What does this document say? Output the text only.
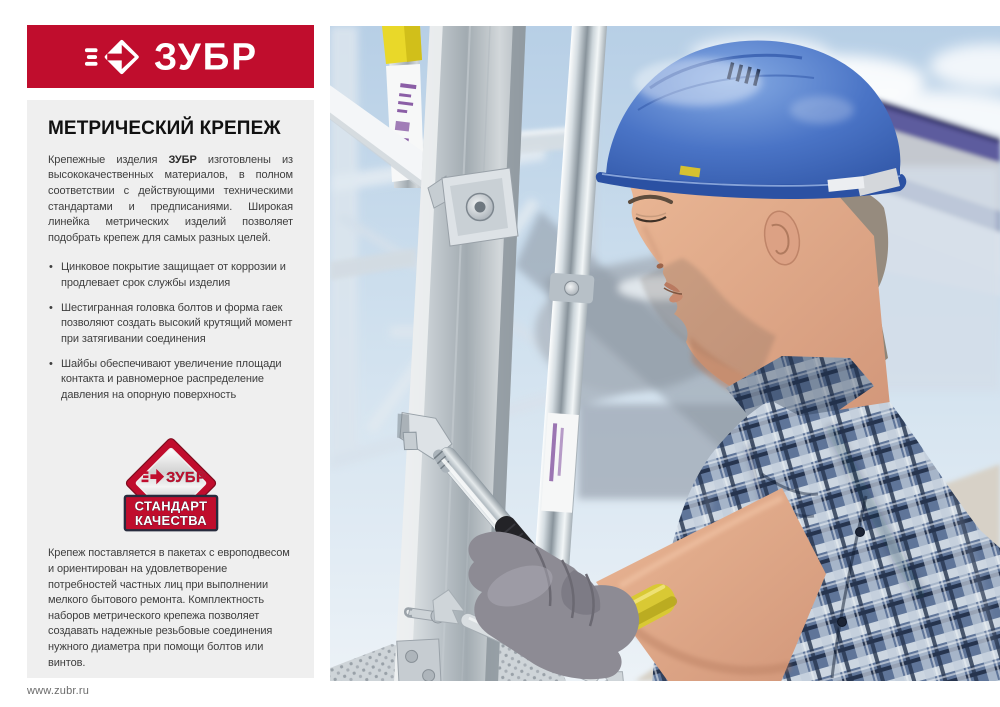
ЗУБР
МЕТРИЧЕСКИЙ КРЕПЕЖ

Крепежные изделия ЗУБР изготовлены из высококачественных материалов, в полном соответствии с действующими техническими стандартами и предписаниями. Широкая линейка метрических изделий позволяет подобрать крепеж для самых разных целей.

• Цинковое покрытие защищает от коррозии и продлевает срок службы изделия
• Шестигранная головка болтов и форма гаек позволяют создать высокий крутящий момент при затягивании соединения
• Шайбы обеспечивают увеличение площади контакта и равномерное распределение давления на опорную поверхность
ЗУБР
СТАНДАРТ
КАЧЕСТВА

Крепеж поставляется в пакетах с европодвесом и ориентирован на удовлетворение потребностей частных лиц при выполнении мелкого бытового ремонта. Комплектность наборов метрического крепежа позволяет создавать надежные резьбовые соединения нужного диаметра при помощи болтов или винтов.

www.zubr.ru
